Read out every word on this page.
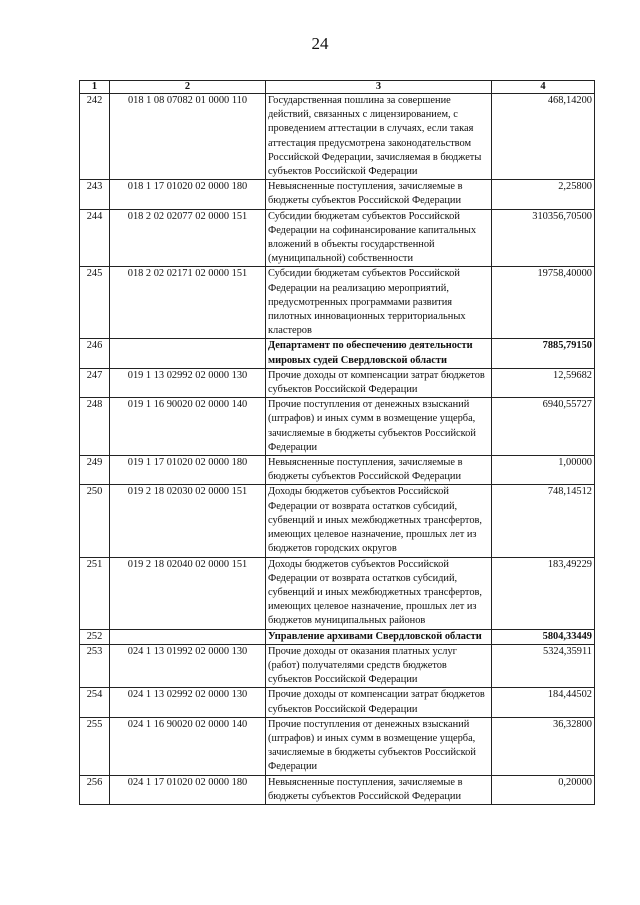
24
1	2	3	4
242	018 1 08 07082 01 0000 110	Государственная пошлина за совершение действий, связанных с лицензированием, с проведением аттестации в случаях, если такая аттестация предусмотрена законодательством Российской Федерации, зачисляемая в бюджеты субъектов Российской Федерации	468,14200
243	018 1 17 01020 02 0000 180	Невыясненные поступления, зачисляемые в бюджеты субъектов Российской Федерации	2,25800
244	018 2 02 02077 02 0000 151	Субсидии бюджетам субъектов Российской Федерации на софинансирование капитальных вложений в объекты государственной (муниципальной) собственности	310356,70500
245	018 2 02 02171 02 0000 151	Субсидии бюджетам субъектов Российской Федерации на реализацию мероприятий, предусмотренных программами развития пилотных инновационных территориальных кластеров	19758,40000
246		Департамент по обеспечению деятельности мировых судей Свердловской области	7885,79150
247	019 1 13 02992 02 0000 130	Прочие доходы от компенсации затрат бюджетов субъектов Российской Федерации	12,59682
248	019 1 16 90020 02 0000 140	Прочие поступления от денежных взысканий (штрафов) и иных сумм в возмещение ущерба, зачисляемые в бюджеты субъектов Российской Федерации	6940,55727
249	019 1 17 01020 02 0000 180	Невыясненные поступления, зачисляемые в бюджеты субъектов Российской Федерации	1,00000
250	019 2 18 02030 02 0000 151	Доходы бюджетов субъектов Российской Федерации от возврата остатков субсидий, субвенций и иных межбюджетных трансфертов, имеющих целевое назначение, прошлых лет из бюджетов городских округов	748,14512
251	019 2 18 02040 02 0000 151	Доходы бюджетов субъектов Российской Федерации от возврата остатков субсидий, субвенций и иных межбюджетных трансфертов, имеющих целевое назначение, прошлых лет из бюджетов муниципальных районов	183,49229
252		Управление архивами Свердловской области	5804,33449
253	024 1 13 01992 02 0000 130	Прочие доходы от оказания платных услуг (работ) получателями средств бюджетов субъектов Российской Федерации	5324,35911
254	024 1 13 02992 02 0000 130	Прочие доходы от компенсации затрат бюджетов субъектов Российской Федерации	184,44502
255	024 1 16 90020 02 0000 140	Прочие поступления от денежных взысканий (штрафов) и иных сумм в возмещение ущерба, зачисляемые в бюджеты субъектов Российской Федерации	36,32800
256	024 1 17 01020 02 0000 180	Невыясненные поступления, зачисляемые в бюджеты субъектов Российской Федерации	0,20000
